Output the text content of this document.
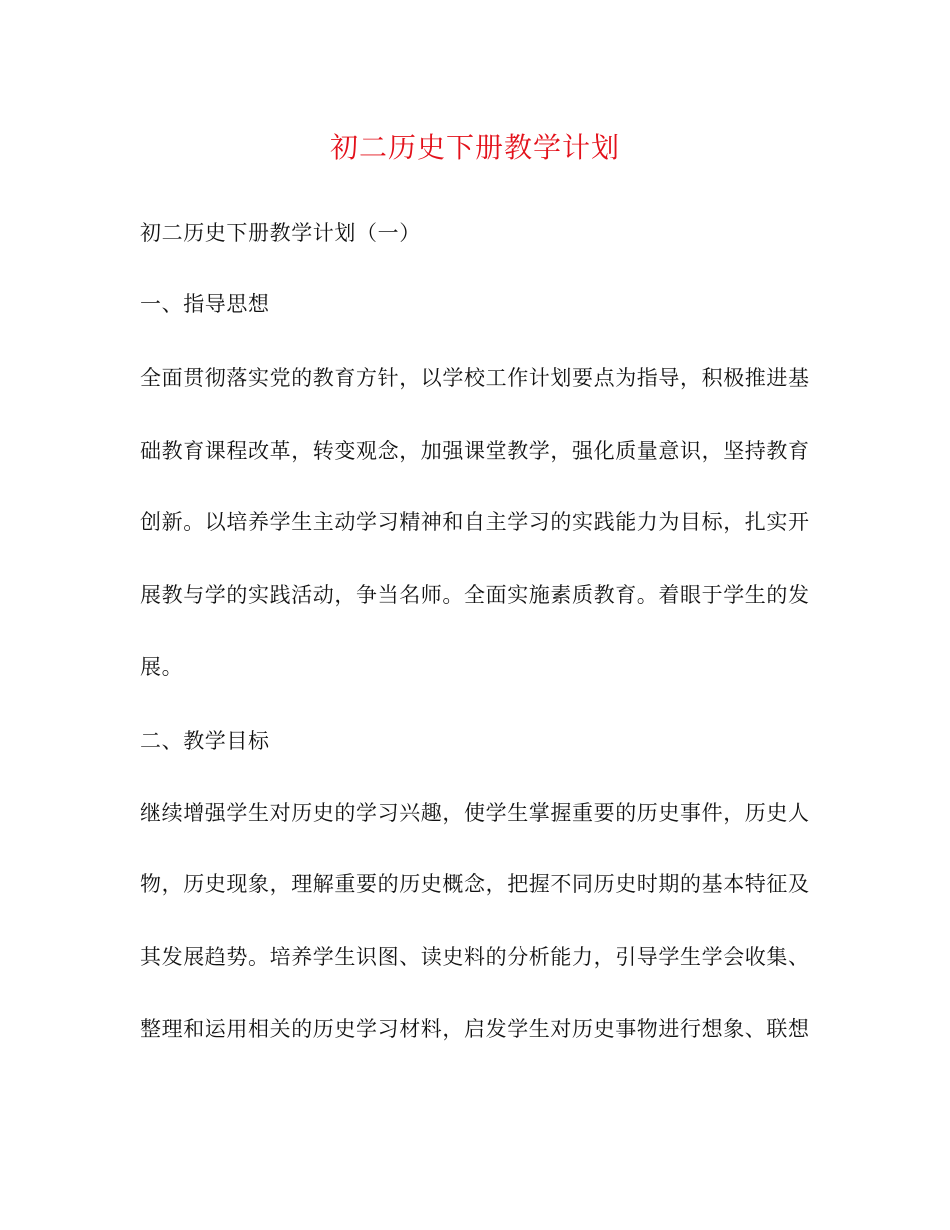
初二历史下册教学计划
初二历史下册教学计划（一）
一、指导思想
全面贯彻落实党的教育方针，以学校工作计划要点为指导，积极推进基
础教育课程改革，转变观念，加强课堂教学，强化质量意识，坚持教育
创新。以培养学生主动学习精神和自主学习的实践能力为目标，扎实开
展教与学的实践活动，争当名师。全面实施素质教育。着眼于学生的发
展。
二、教学目标
继续增强学生对历史的学习兴趣，使学生掌握重要的历史事件，历史人
物，历史现象，理解重要的历史概念，把握不同历史时期的基本特征及
其发展趋势。培养学生识图、读史料的分析能力，引导学生学会收集、
整理和运用相关的历史学习材料，启发学生对历史事物进行想象、联想
